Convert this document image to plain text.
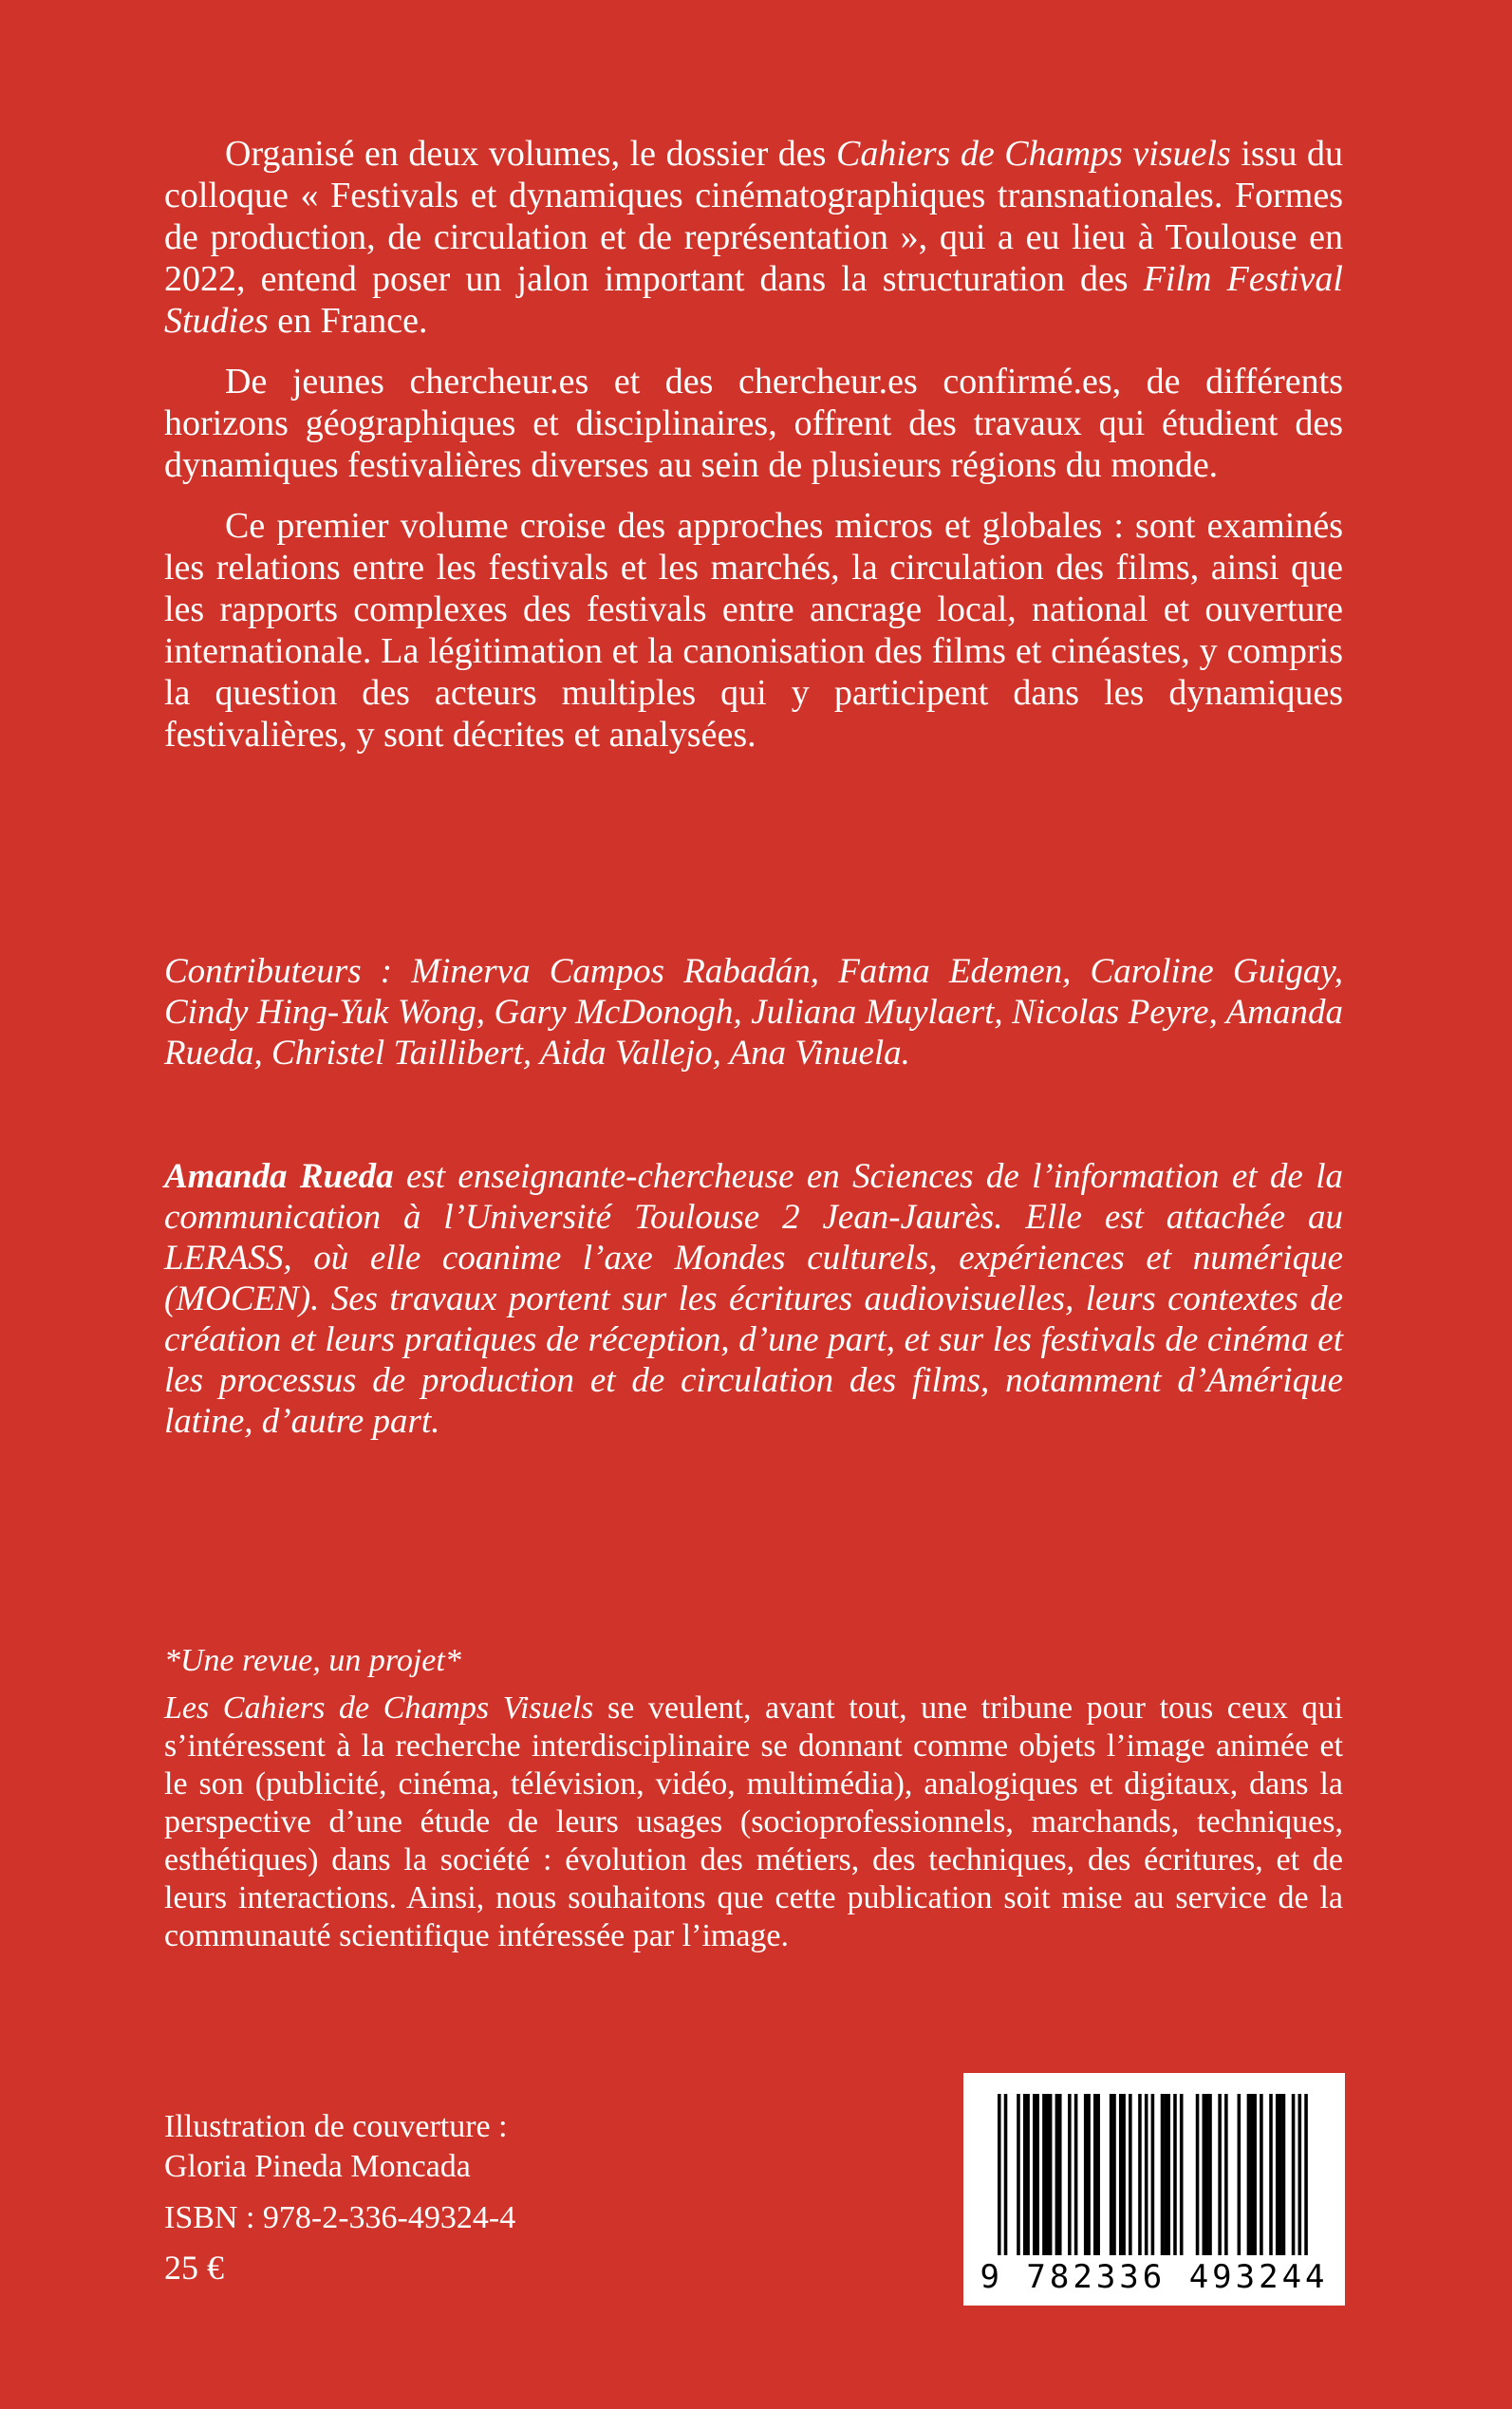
Organisé en deux volumes, le dossier des Cahiers de Champs visuels issu du colloque « Festivals et dynamiques cinématographiques transnationales. Formes de production, de circulation et de représentation », qui a eu lieu à Toulouse en 2022, entend poser un jalon important dans la structuration des Film Festival Studies en France.

De jeunes chercheur.es et des chercheur.es confirmé.es, de différents horizons géographiques et disciplinaires, offrent des travaux qui étudient des dynamiques festivalières diverses au sein de plusieurs régions du monde.

Ce premier volume croise des approches micros et globales : sont examinés les relations entre les festivals et les marchés, la circulation des films, ainsi que les rapports complexes des festivals entre ancrage local, national et ouverture internationale. La légitimation et la canonisation des films et cinéastes, y compris la question des acteurs multiples qui y participent dans les dynamiques festivalières, y sont décrites et analysées.

Contributeurs : Minerva Campos Rabadán, Fatma Edemen, Caroline Guigay, Cindy Hing-Yuk Wong, Gary McDonogh, Juliana Muylaert, Nicolas Peyre, Amanda Rueda, Christel Taillibert, Aida Vallejo, Ana Vinuela.

Amanda Rueda est enseignante-chercheuse en Sciences de l’information et de la communication à l’Université Toulouse 2 Jean-Jaurès. Elle est attachée au LERASS, où elle coanime l’axe Mondes culturels, expériences et numérique (MOCEN). Ses travaux portent sur les écritures audiovisuelles, leurs contextes de création et leurs pratiques de réception, d’une part, et sur les festivals de cinéma et les processus de production et de circulation des films, notamment d’Amérique latine, d’autre part.

*Une revue, un projet*

Les Cahiers de Champs Visuels se veulent, avant tout, une tribune pour tous ceux qui s’intéressent à la recherche interdisciplinaire se donnant comme objets l’image animée et le son (publicité, cinéma, télévision, vidéo, multimédia), analogiques et digitaux, dans la perspective d’une étude de leurs usages (socioprofessionnels, marchands, techniques, esthétiques) dans la société : évolution des métiers, des techniques, des écritures, et de leurs interactions. Ainsi, nous souhaitons que cette publication soit mise au service de la communauté scientifique intéressée par l’image.

Illustration de couverture :
Gloria Pineda Moncada
ISBN : 978-2-336-49324-4
25 €	9 782336 493244
